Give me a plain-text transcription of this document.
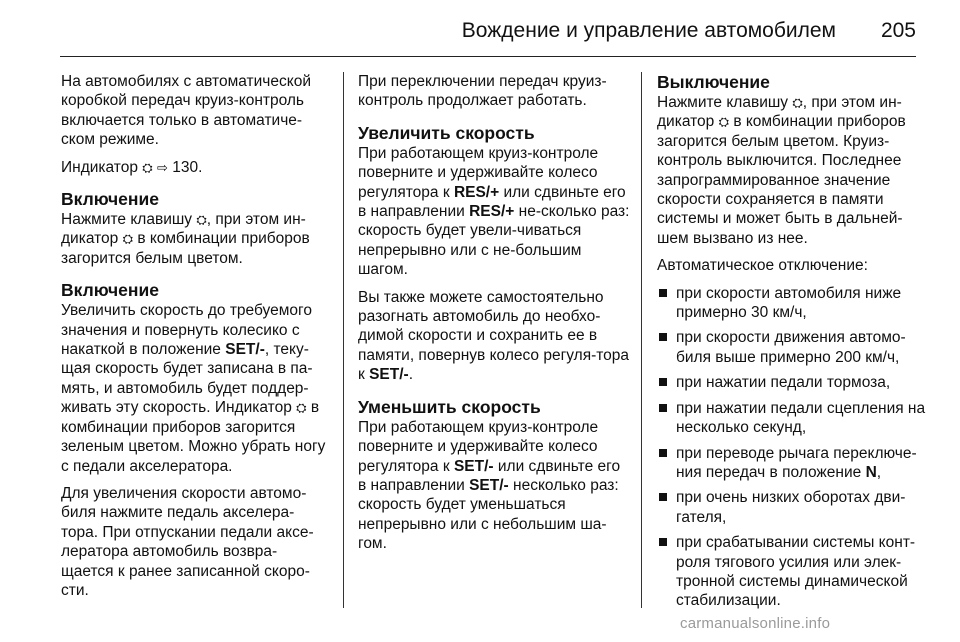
Вождение и управление автомобилем 205

На автомобилях с автоматической коробкой передач круиз-контроль включается только в автоматиче-ском режиме.

Индикатор ⛭ ⇨ 130.

Включение

Нажмите клавишу ⛭, при этом ин-дикатор ⛭ в комбинации приборов загорится белым цветом.

Включение

Увеличить скорость до требуемого значения и повернуть колесико с накаткой в положение SET/-, теку-щая скорость будет записана в па-мять, и автомобиль будет поддер-живать эту скорость. Индикатор ⛭ в комбинации приборов загорится зеленым цветом. Можно убрать ногу с педали акселератора.

Для увеличения скорости автомо-биля нажмите педаль акселера-тора. При отпускании педали аксе-лератора автомобиль возвра-щается к ранее записанной скоро-сти.

При переключении передач круиз-контроль продолжает работать.

Увеличить скорость

При работающем круиз-контроле поверните и удерживайте колесо регулятора к RES/+ или сдвиньте его в направлении RES/+ не-сколько раз: скорость будет увели-чиваться непрерывно или с не-большим шагом.

Вы также можете самостоятельно разогнать автомобиль до необхо-димой скорости и сохранить ее в памяти, повернув колесо регуля-тора к SET/-.

Уменьшить скорость

При работающем круиз-контроле поверните и удерживайте колесо регулятора к SET/- или сдвиньте его в направлении SET/- несколько раз: скорость будет уменьшаться непрерывно или с небольшим ша-гом.

Выключение

Нажмите клавишу ⛭, при этом ин-дикатор ⛭ в комбинации приборов загорится белым цветом. Круиз-контроль выключится. Последнее запрограммированное значение скорости сохраняется в памяти системы и может быть в дальней-шем вызвано из нее.

Автоматическое отключение:

при скорости автомобиля ниже примерно 30 км/ч,
при скорости движения автомо-биля выше примерно 200 км/ч,
при нажатии педали тормоза,
при нажатии педали сцепления на несколько секунд,
при переводе рычага переключе-ния передач в положение N,
при очень низких оборотах дви-гателя,
при срабатывании системы конт-роля тягового усилия или элек-тронной системы динамической стабилизации.
carmanualsonline.info
